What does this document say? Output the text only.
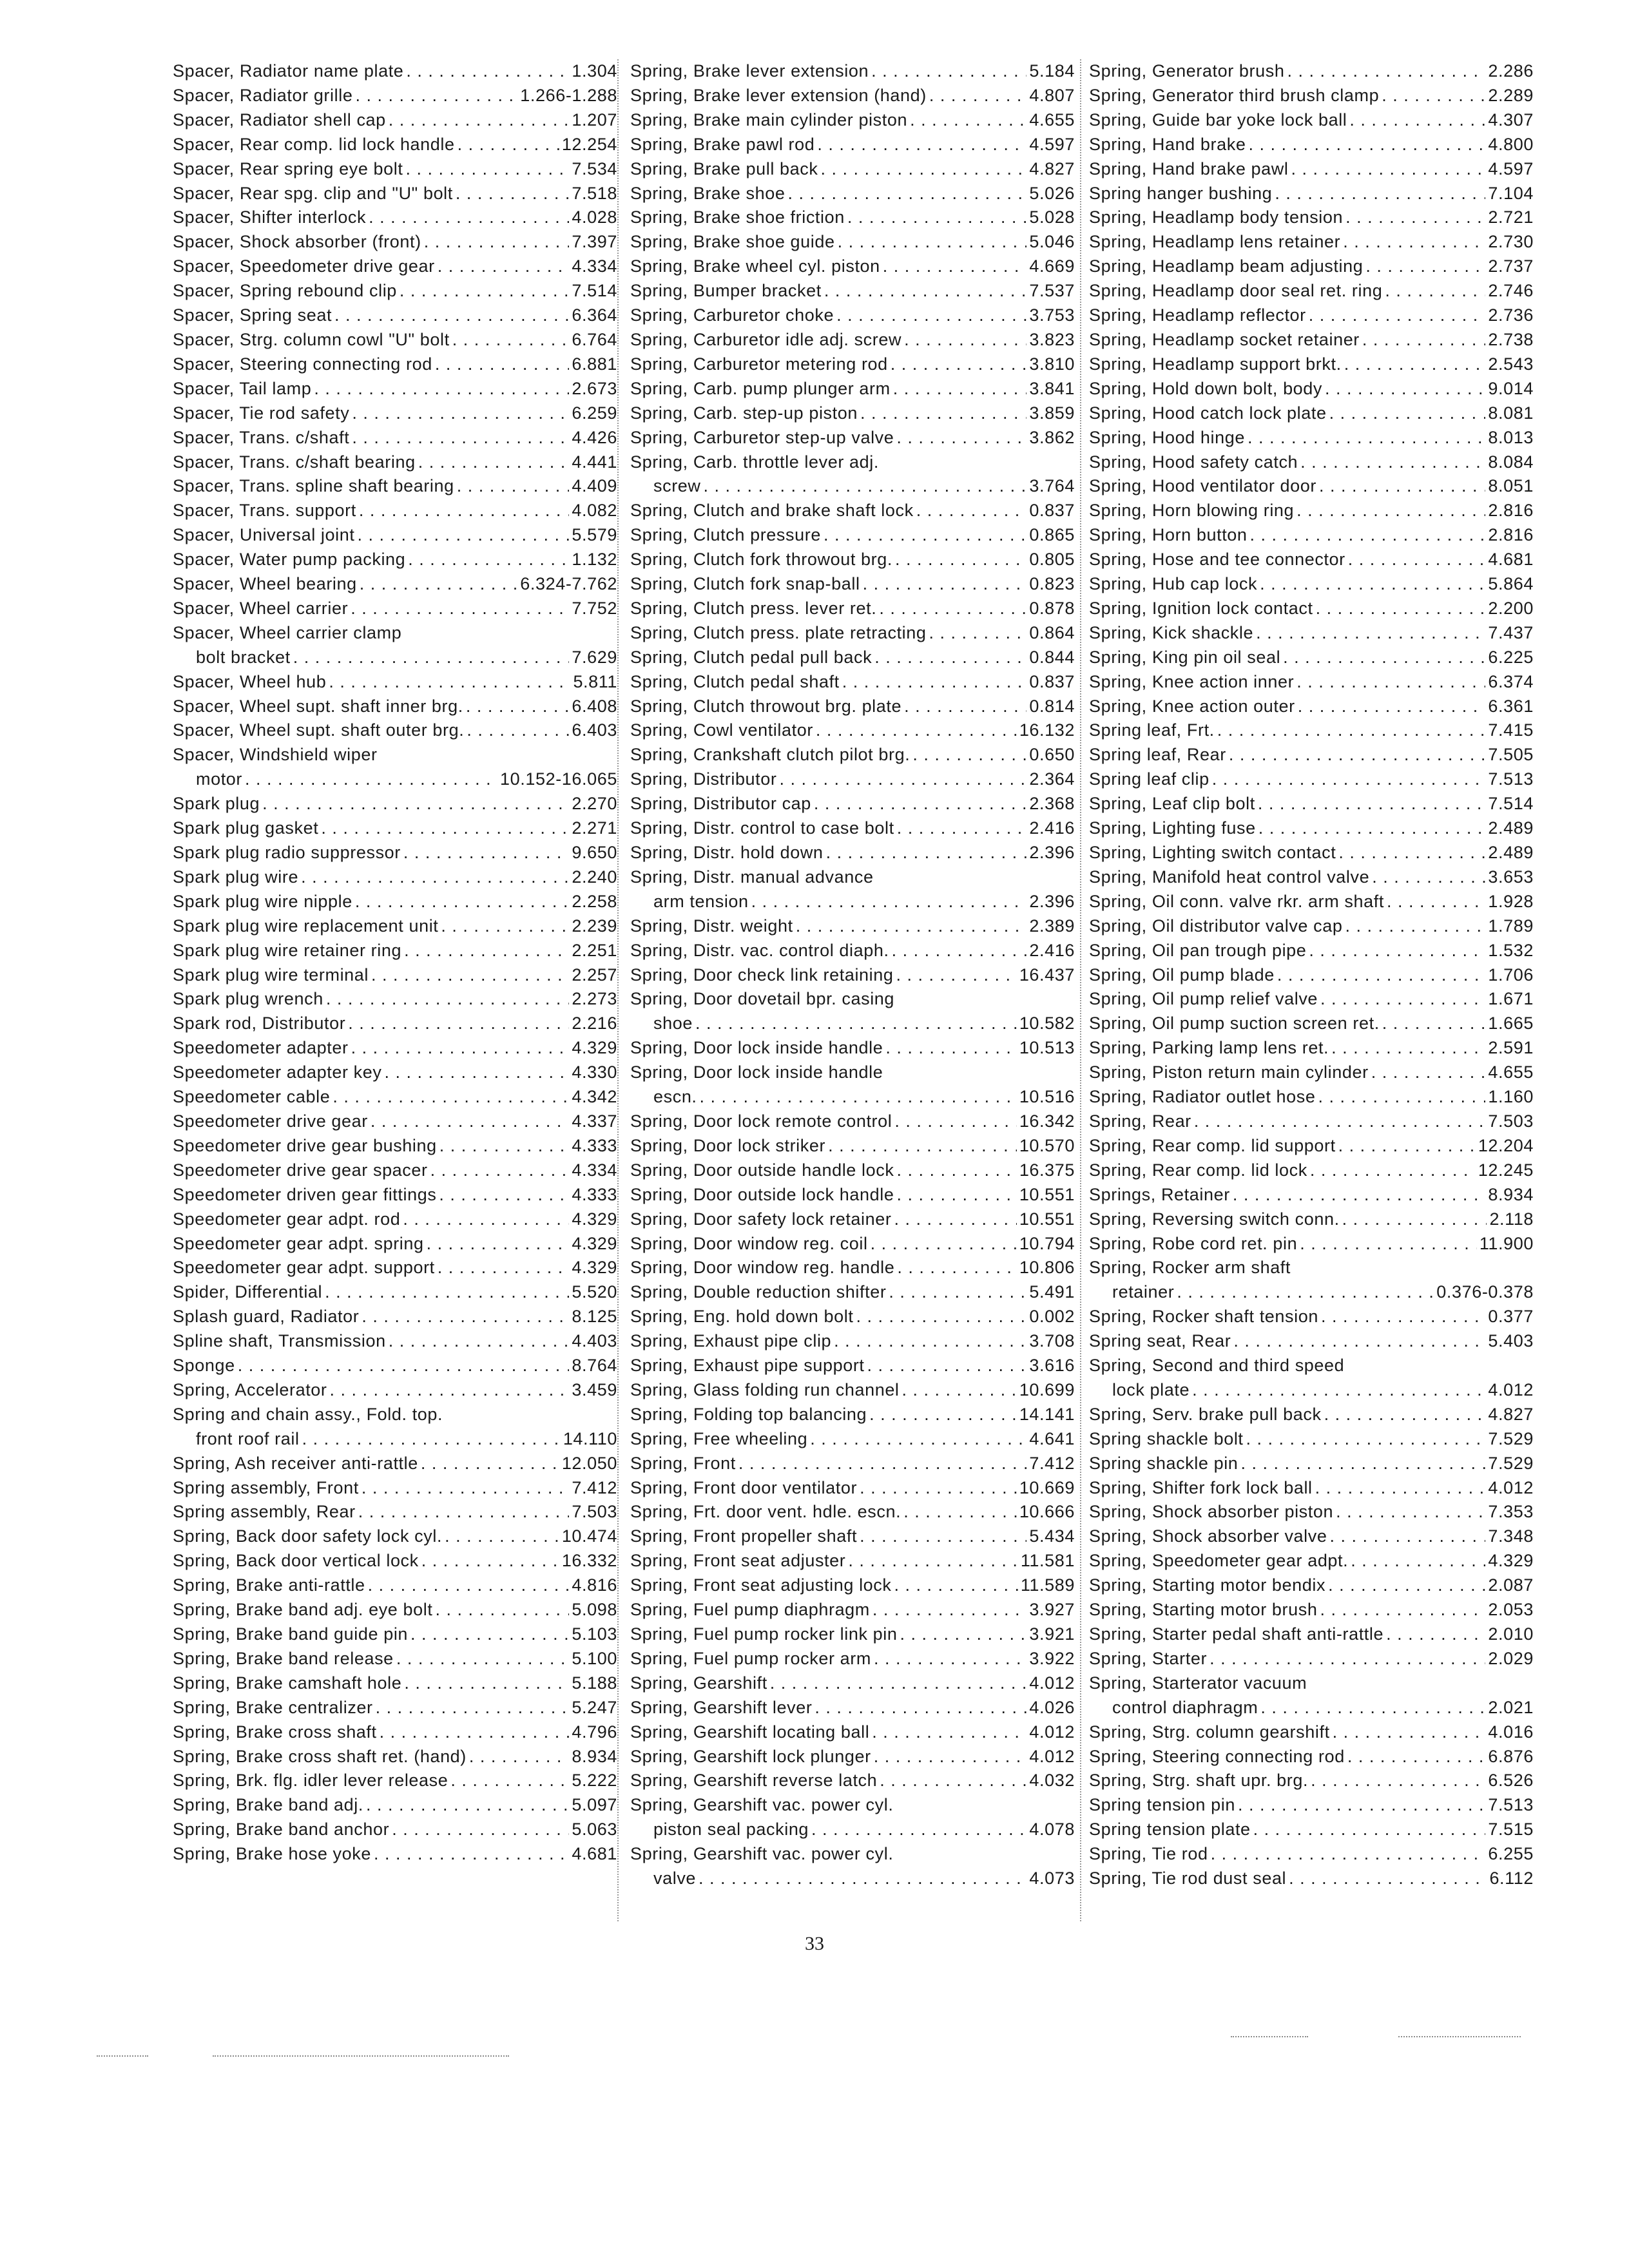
Spacer, Radiator name plate . . .	1.304
Spacer, Radiator grille . . .	1.266-1.288
Spacer, Radiator shell cap . . .	1.207
Spacer, Rear comp. lid lock handle . . .	12.254
Spacer, Rear spring eye bolt . . .	7.534
Spacer, Rear spg. clip and "U" bolt . . .	7.518
Spacer, Shifter interlock . . .	4.028
Spacer, Shock absorber (front) . . .	7.397
Spacer, Speedometer drive gear . . .	4.334
Spacer, Spring rebound clip . . .	7.514
Spacer, Spring seat . . .	6.364
Spacer, Strg. column cowl "U" bolt . . .	6.764
Spacer, Steering connecting rod . . .	6.881
Spacer, Tail lamp . . .	2.673
Spacer, Tie rod safety . . .	6.259
Spacer, Trans. c/shaft . . .	4.426
Spacer, Trans. c/shaft bearing . . .	4.441
Spacer, Trans. spline shaft bearing . . .	4.409
Spacer, Trans. support . . .	4.082
Spacer, Universal joint . . .	5.579
Spacer, Water pump packing . . .	1.132
Spacer, Wheel bearing . . .	6.324-7.762
Spacer, Wheel carrier . . .	7.752
Spacer, Wheel carrier clamp
bolt bracket . . .	7.629
Spacer, Wheel hub . . .	5.811
Spacer, Wheel supt. shaft inner brg. . . .	6.408
Spacer, Wheel supt. shaft outer brg. . . .	6.403
Spacer, Windshield wiper
motor . . .	10.152-16.065
Spark plug . . .	2.270
Spark plug gasket . . .	2.271
Spark plug radio suppressor . . .	9.650
Spark plug wire . . .	2.240
Spark plug wire nipple . . .	2.258
Spark plug wire replacement unit . . .	2.239
Spark plug wire retainer ring . . .	2.251
Spark plug wire terminal . . .	2.257
Spark plug wrench . . .	2.273
Spark rod, Distributor . . .	2.216
Speedometer adapter . . .	4.329
Speedometer adapter key . . .	4.330
Speedometer cable . . .	4.342
Speedometer drive gear . . .	4.337
Speedometer drive gear bushing . . .	4.333
Speedometer drive gear spacer . . .	4.334
Speedometer driven gear fittings . . .	4.333
Speedometer gear adpt. rod . . .	4.329
Speedometer gear adpt. spring . . .	4.329
Speedometer gear adpt. support . . .	4.329
Spider, Differential . . .	5.520
Splash guard, Radiator . . .	8.125
Spline shaft, Transmission . . .	4.403
Sponge . . .	8.764
Spring, Accelerator . . .	3.459
Spring and chain assy., Fold. top.
front roof rail . . .	14.110
Spring, Ash receiver anti-rattle . . .	12.050
Spring assembly, Front . . .	7.412
Spring assembly, Rear . . .	7.503
Spring, Back door safety lock cyl. . . .	10.474
Spring, Back door vertical lock . . .	16.332
Spring, Brake anti-rattle . . .	4.816
Spring, Brake band adj. eye bolt . . .	5.098
Spring, Brake band guide pin . . .	5.103
Spring, Brake band release . . .	5.100
Spring, Brake camshaft hole . . .	5.188
Spring, Brake centralizer . . .	5.247
Spring, Brake cross shaft . . .	4.796
Spring, Brake cross shaft ret. (hand) . . .	8.934
Spring, Brk. flg. idler lever release . . .	5.222
Spring, Brake band adj. . . .	5.097
Spring, Brake band anchor . . .	5.063
Spring, Brake hose yoke . . .	4.681
Spring, Brake lever extension . . .	5.184
Spring, Brake lever extension (hand) . . .	4.807
Spring, Brake main cylinder piston . . .	4.655
Spring, Brake pawl rod . . .	4.597
Spring, Brake pull back . . .	4.827
Spring, Brake shoe . . .	5.026
Spring, Brake shoe friction . . .	5.028
Spring, Brake shoe guide . . .	5.046
Spring, Brake wheel cyl. piston . . .	4.669
Spring, Bumper bracket . . .	7.537
Spring, Carburetor choke . . .	3.753
Spring, Carburetor idle adj. screw . . .	3.823
Spring, Carburetor metering rod . . .	3.810
Spring, Carb. pump plunger arm . . .	3.841
Spring, Carb. step-up piston . . .	3.859
Spring, Carburetor step-up valve . . .	3.862
Spring, Carb. throttle lever adj.
screw . . .	3.764
Spring, Clutch and brake shaft lock . . .	0.837
Spring, Clutch pressure . . .	0.865
Spring, Clutch fork throwout brg. . . .	0.805
Spring, Clutch fork snap-ball . . .	0.823
Spring, Clutch press. lever ret. . . .	0.878
Spring, Clutch press. plate retracting . . .	0.864
Spring, Clutch pedal pull back . . .	0.844
Spring, Clutch pedal shaft . . .	0.837
Spring, Clutch throwout brg. plate . . .	0.814
Spring, Cowl ventilator . . .	16.132
Spring, Crankshaft clutch pilot brg. . . .	0.650
Spring, Distributor . . .	2.364
Spring, Distributor cap . . .	2.368
Spring, Distr. control to case bolt . . .	2.416
Spring, Distr. hold down . . .	2.396
Spring, Distr. manual advance
arm tension . . .	2.396
Spring, Distr. weight . . .	2.389
Spring, Distr. vac. control diaph. . . .	2.416
Spring, Door check link retaining . . .	16.437
Spring, Door dovetail bpr. casing
shoe . . .	10.582
Spring, Door lock inside handle . . .	10.513
Spring, Door lock inside handle
escn. . . .	10.516
Spring, Door lock remote control . . .	16.342
Spring, Door lock striker . . .	10.570
Spring, Door outside handle lock . . .	16.375
Spring, Door outside lock handle . . .	10.551
Spring, Door safety lock retainer . . .	10.551
Spring, Door window reg. coil . . .	10.794
Spring, Door window reg. handle . . .	10.806
Spring, Double reduction shifter . . .	5.491
Spring, Eng. hold down bolt . . .	0.002
Spring, Exhaust pipe clip . . .	3.708
Spring, Exhaust pipe support . . .	3.616
Spring, Glass folding run channel . . .	10.699
Spring, Folding top balancing . . .	14.141
Spring, Free wheeling . . .	4.641
Spring, Front . . .	7.412
Spring, Front door ventilator . . .	10.669
Spring, Frt. door vent. hdle. escn. . . .	10.666
Spring, Front propeller shaft . . .	5.434
Spring, Front seat adjuster . . .	11.581
Spring, Front seat adjusting lock . . .	11.589
Spring, Fuel pump diaphragm . . .	3.927
Spring, Fuel pump rocker link pin . . .	3.921
Spring, Fuel pump rocker arm . . .	3.922
Spring, Gearshift . . .	4.012
Spring, Gearshift lever . . .	4.026
Spring, Gearshift locating ball . . .	4.012
Spring, Gearshift lock plunger . . .	4.012
Spring, Gearshift reverse latch . . .	4.032
Spring, Gearshift vac. power cyl.
piston seal packing . . .	4.078
Spring, Gearshift vac. power cyl.
valve . . .	4.073
Spring, Generator brush . . .	2.286
Spring, Generator third brush clamp . . .	2.289
Spring, Guide bar yoke lock ball . . .	4.307
Spring, Hand brake . . .	4.800
Spring, Hand brake pawl . . .	4.597
Spring hanger bushing . . .	7.104
Spring, Headlamp body tension . . .	2.721
Spring, Headlamp lens retainer . . .	2.730
Spring, Headlamp beam adjusting . . .	2.737
Spring, Headlamp door seal ret. ring . . .	2.746
Spring, Headlamp reflector . . .	2.736
Spring, Headlamp socket retainer . . .	2.738
Spring, Headlamp support brkt. . . .	2.543
Spring, Hold down bolt, body . . .	9.014
Spring, Hood catch lock plate . . .	8.081
Spring, Hood hinge . . .	8.013
Spring, Hood safety catch . . .	8.084
Spring, Hood ventilator door . . .	8.051
Spring, Horn blowing ring . . .	2.816
Spring, Horn button . . .	2.816
Spring, Hose and tee connector . . .	4.681
Spring, Hub cap lock . . .	5.864
Spring, Ignition lock contact . . .	2.200
Spring, Kick shackle . . .	7.437
Spring, King pin oil seal . . .	6.225
Spring, Knee action inner . . .	6.374
Spring, Knee action outer . . .	6.361
Spring leaf, Frt. . . .	7.415
Spring leaf, Rear . . .	7.505
Spring leaf clip . . .	7.513
Spring, Leaf clip bolt . . .	7.514
Spring, Lighting fuse . . .	2.489
Spring, Lighting switch contact . . .	2.489
Spring, Manifold heat control valve . . .	3.653
Spring, Oil conn. valve rkr. arm shaft . . .	1.928
Spring, Oil distributor valve cap . . .	1.789
Spring, Oil pan trough pipe . . .	1.532
Spring, Oil pump blade . . .	1.706
Spring, Oil pump relief valve . . .	1.671
Spring, Oil pump suction screen ret. . . .	1.665
Spring, Parking lamp lens ret. . . .	2.591
Spring, Piston return main cylinder . . .	4.655
Spring, Radiator outlet hose . . .	1.160
Spring, Rear . . .	7.503
Spring, Rear comp. lid support . . .	12.204
Spring, Rear comp. lid lock . . .	12.245
Springs, Retainer . . .	8.934
Spring, Reversing switch conn. . . .	2.118
Spring, Robe cord ret. pin . . .	11.900
Spring, Rocker arm shaft
retainer . . .	0.376-0.378
Spring, Rocker shaft tension . . .	0.377
Spring seat, Rear . . .	5.403
Spring, Second and third speed
lock plate . . .	4.012
Spring, Serv. brake pull back . . .	4.827
Spring shackle bolt . . .	7.529
Spring shackle pin . . .	7.529
Spring, Shifter fork lock ball . . .	4.012
Spring, Shock absorber piston . . .	7.353
Spring, Shock absorber valve . . .	7.348
Spring, Speedometer gear adpt. . . .	4.329
Spring, Starting motor bendix . . .	2.087
Spring, Starting motor brush . . .	2.053
Spring, Starter pedal shaft anti-rattle . . .	2.010
Spring, Starter . . .	2.029
Spring, Starterator vacuum
control diaphragm . . .	2.021
Spring, Strg. column gearshift . . .	4.016
Spring, Steering connecting rod . . .	6.876
Spring, Strg. shaft upr. brg. . . .	6.526
Spring tension pin . . .	7.513
Spring tension plate . . .	7.515
Spring, Tie rod . . .	6.255
Spring, Tie rod dust seal . . .	6.112
33
